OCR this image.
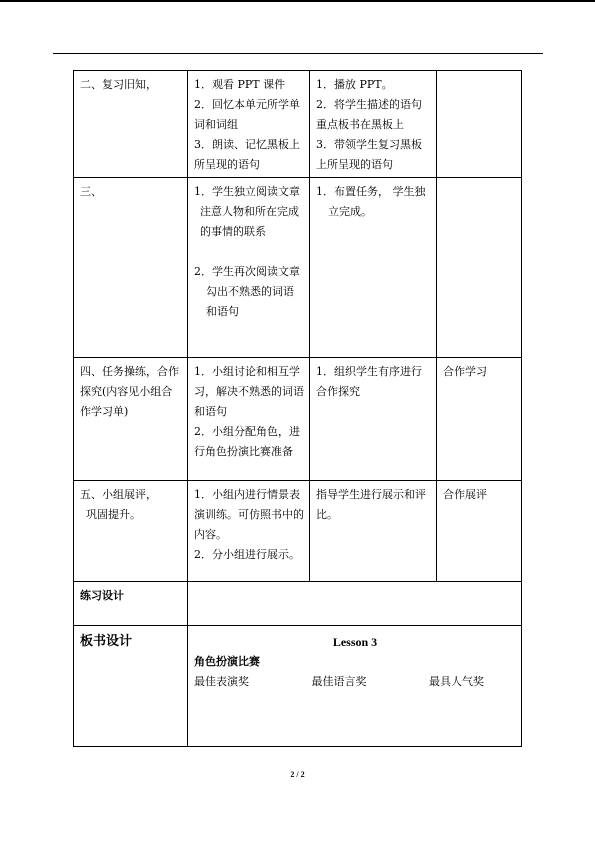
二、复习旧知，	1．观看 PPT 课件
2．回忆本单元所学单词和词组
3．朗读、记忆黑板上所呈现的语句	1．播放 PPT。
2．将学生描述的语句重点板书在黑板上
3．带领学生复习黑板上所呈现的语句	

三、	1．学生独立阅读文章
注意人物和所在完成的事情的联系
2．学生再次阅读文章
勾出不熟悉的词语和语句	1．布置任务， 学生独
立完成。	

四、任务操练，合作探究(内容见小组合作学习单)	1．小组讨论和相互学习，解决不熟悉的词语和语句
2．小组分配角色，进行角色扮演比赛准备	1．组织学生有序进行合作探究	合作学习

五、小组展评，
巩固提升。	1．小组内进行情景表演训练。可仿照书中的内容。
2．分小组进行展示。	指导学生进行展示和评比。	合作展评

练习设计			
板书设计	Lesson 3
角色扮演比赛
最佳表演奖 最佳语言奖 最具人气奖		
2 / 2
